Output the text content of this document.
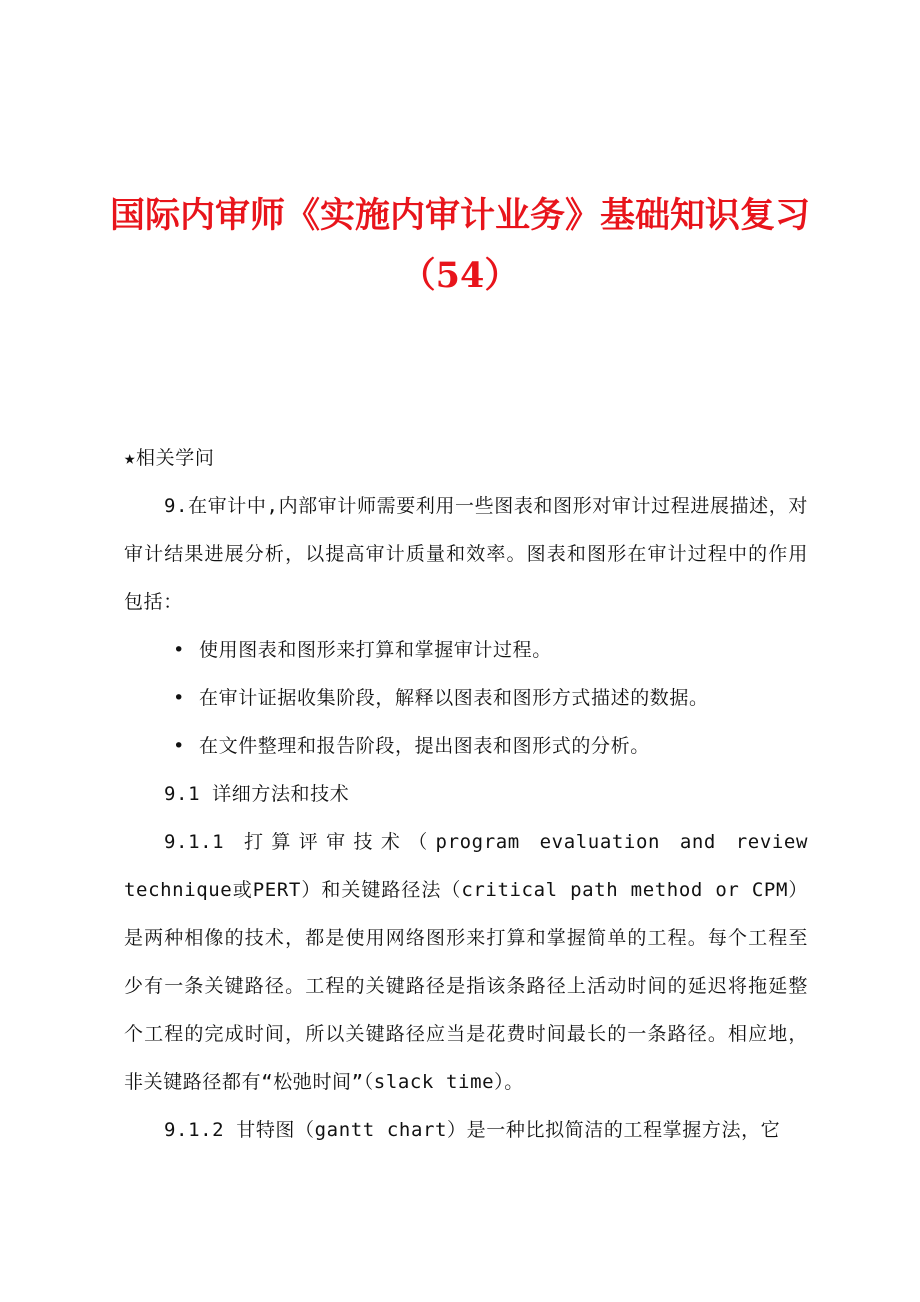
国际内审师《实施内审计业务》基础知识复习
（54）

★相关学问

9.在审计中,内部审计师需要利用一些图表和图形对审计过程进展描述，对审计结果进展分析，以提高审计质量和效率。图表和图形在审计过程中的作用包括：

• 使用图表和图形来打算和掌握审计过程。

• 在审计证据收集阶段，解释以图表和图形方式描述的数据。

• 在文件整理和报告阶段，提出图表和图形式的分析。

9.1 详细方法和技术

9.1.1 打算评审技术（program evaluation and review technique或PERT）和关键路径法（critical path method or CPM）是两种相像的技术，都是使用网络图形来打算和掌握简单的工程。每个工程至少有一条关键路径。工程的关键路径是指该条路径上活动时间的延迟将拖延整个工程的完成时间，所以关键路径应当是花费时间最长的一条路径。相应地，非关键路径都有“松弛时间”（slack time）。

9.1.2 甘特图（gantt chart）是一种比拟简洁的工程掌握方法，它
